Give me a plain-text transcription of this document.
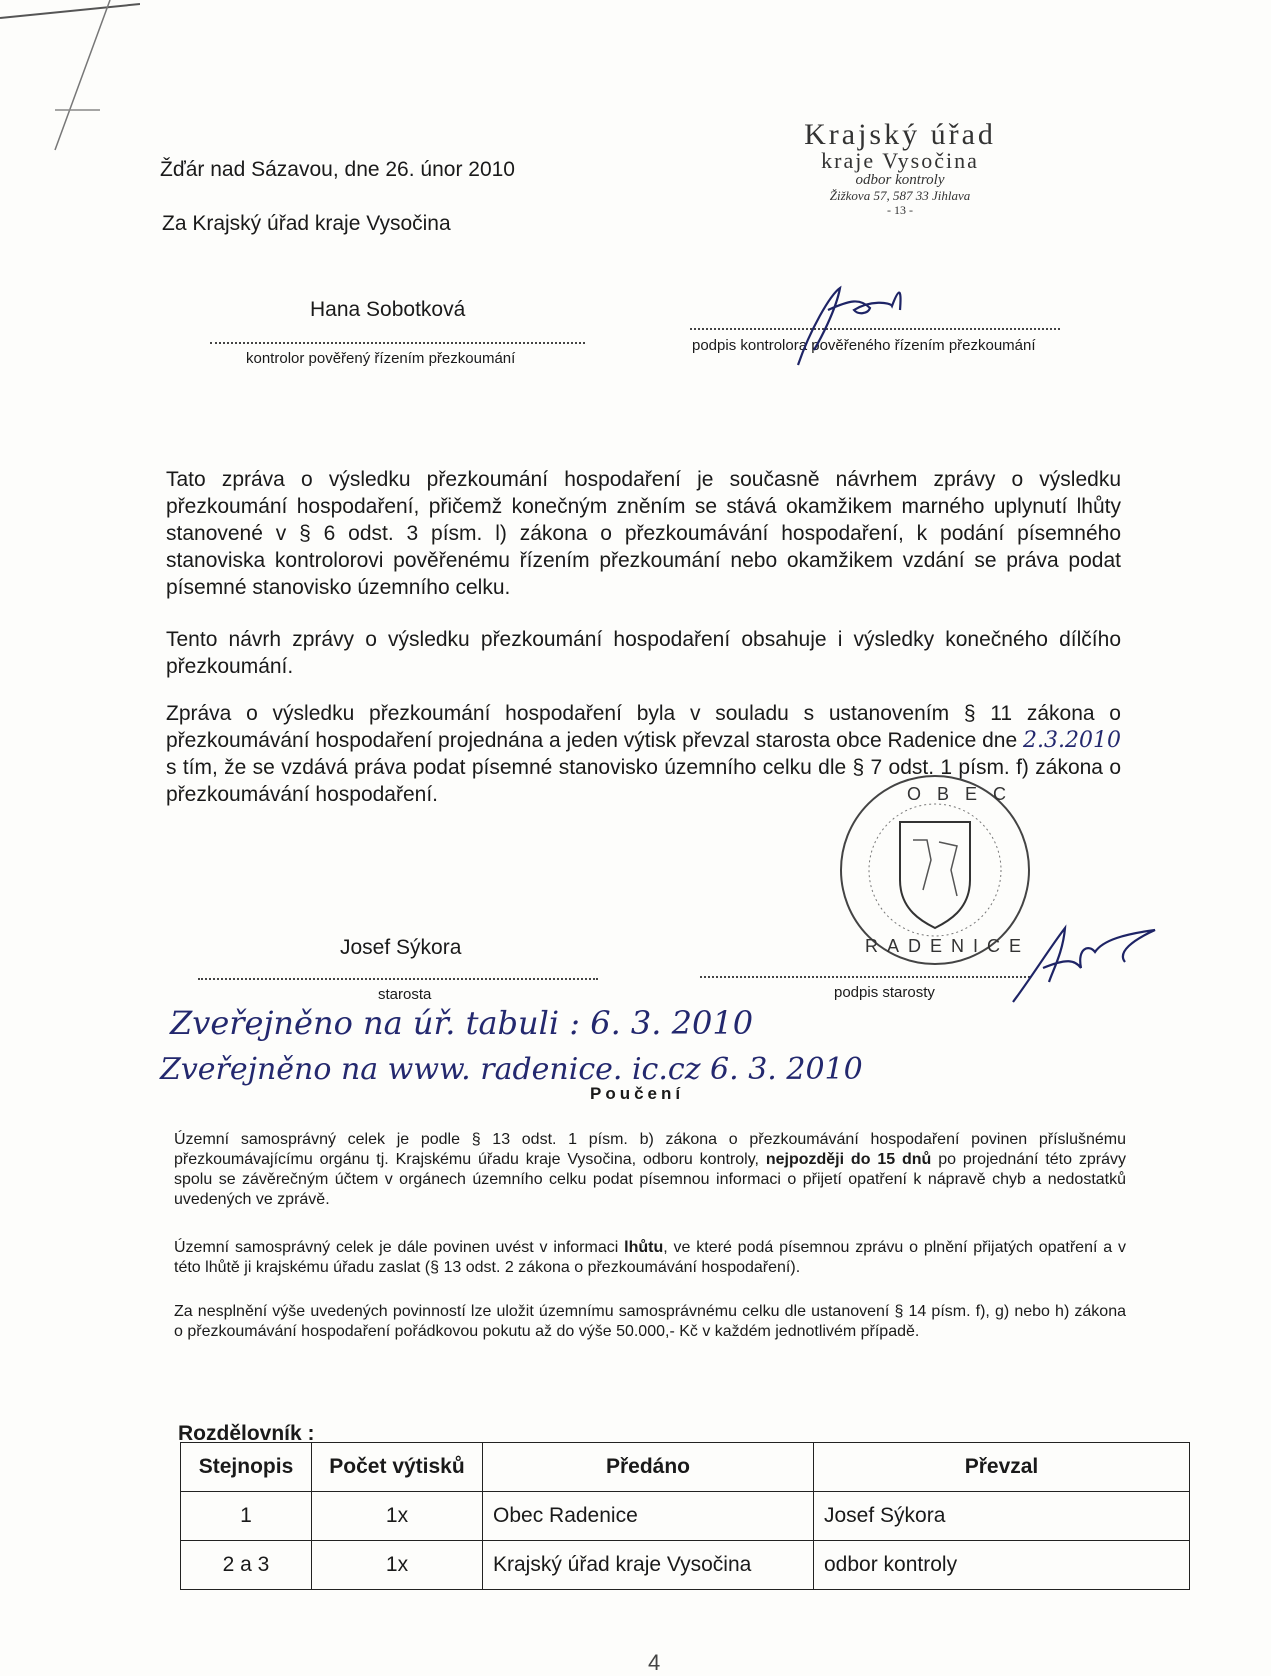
Žďár nad Sázavou, dne 26. únor 2010
Za Krajský úřad kraje Vysočina
Krajský úřad
kraje Vysočina
odbor kontroly
Žižkova 57, 587 33 Jihlava
- 13 -
Hana Sobotková
kontrolor pověřený řízením přezkoumání
podpis kontrolora pověřeného řízením přezkoumání
Tato zpráva o výsledku přezkoumání hospodaření je současně návrhem zprávy o výsledku přezkoumání hospodaření, přičemž konečným zněním se stává okamžikem marného uplynutí lhůty stanovené v § 6 odst. 3 písm. l) zákona o přezkoumávání hospodaření, k podání písemného stanoviska kontrolorovi pověřenému řízením přezkoumání nebo okamžikem vzdání se práva podat písemné stanovisko územního celku.
Tento návrh zprávy o výsledku přezkoumání hospodaření obsahuje i výsledky konečného dílčího přezkoumání.
Zpráva o výsledku přezkoumání hospodaření byla v souladu s ustanovením § 11 zákona o přezkoumávání hospodaření projednána a jeden výtisk převzal starosta obce Radenice dne 2.3.2010 s tím, že se vzdává práva podat písemné stanovisko územního celku dle § 7 odst. 1 písm. f) zákona o přezkoumávání hospodaření.	OBEC
RADENICE
Josef Sýkora
starosta	podpis starosty
Zveřejněno na úř. tabuli : 6. 3. 2010
Zveřejněno na www. radenice. ic.cz 6. 3. 2010
Poučení
Územní samosprávný celek je podle § 13 odst. 1 písm. b) zákona o přezkoumávání hospodaření povinen příslušnému přezkoumávajícímu orgánu tj. Krajskému úřadu kraje Vysočina, odboru kontroly, nejpozději do 15 dnů po projednání této zprávy spolu se závěrečným účtem v orgánech územního celku podat písemnou informaci o přijetí opatření k nápravě chyb a nedostatků uvedených ve zprávě.
Územní samosprávný celek je dále povinen uvést v informaci lhůtu, ve které podá písemnou zprávu o plnění přijatých opatření a v této lhůtě ji krajskému úřadu zaslat (§ 13 odst. 2 zákona o přezkoumávání hospodaření).
Za nesplnění výše uvedených povinností lze uložit územnímu samosprávnému celku dle ustanovení § 14 písm. f), g) nebo h) zákona o přezkoumávání hospodaření pořádkovou pokutu až do výše 50.000,- Kč v každém jednotlivém případě.
Rozdělovník :
Stejnopis	Počet výtisků	Předáno	Převzal
1	1x	Obec Radenice	Josef Sýkora
2 a 3	1x	Krajský úřad kraje Vysočina	odbor kontroly
4
